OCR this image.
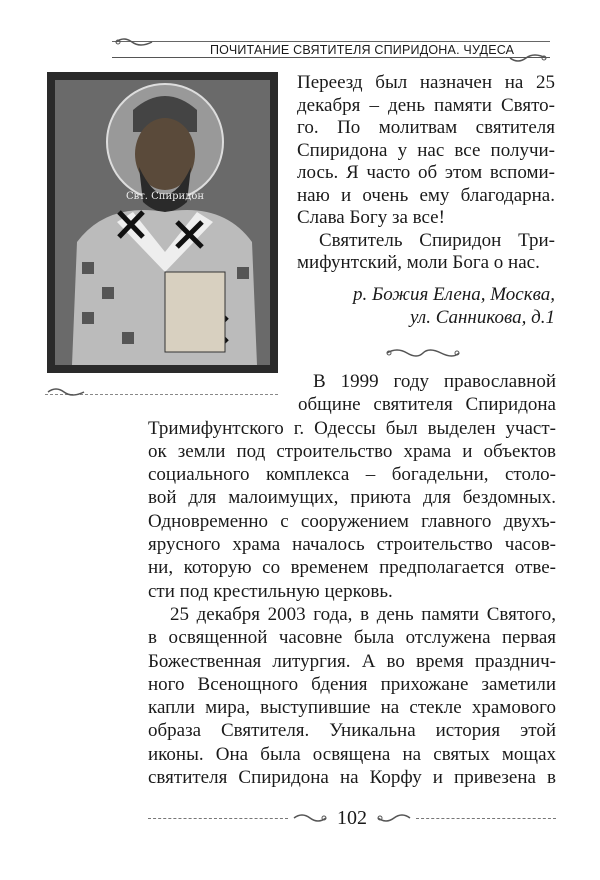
ПОЧИТАНИЕ СВЯТИТЕЛЯ СПИРИДОНА. ЧУДЕСА
Свт. Спиридон
Переезд был назначен на 25
декабря – день памяти Свято-
го. По молитвам святителя
Спиридона у нас все получи-
лось. Я часто об этом вспоми-
наю и очень ему благодарна.
Слава Богу за все!
Святитель Спиридон Три-
мифунтский, моли Бога о нас.
р. Божия Елена, Москва,
ул. Санникова, д.1
В 1999 году православной
общине святителя Спиридона
Тримифунтского г. Одессы был выделен участ-
ок земли под строительство храма и объектов
социального комплекса – богадельни, столо-
вой для малоимущих, приюта для бездомных.
Одновременно с сооружением главного двухъ-
ярусного храма началось строительство часов-
ни, которую со временем предполагается отве-
сти под крестильную церковь.
25 декабря 2003 года, в день памяти Святого,
в освященной часовне была отслужена первая
Божественная литургия. А во время празднич-
ного Всенощного бдения прихожане заметили
капли мира, выступившие на стекле храмового
образа Святителя. Уникальна история этой
иконы. Она была освящена на святых мощах
святителя Спиридона на Корфу и привезена в
102
